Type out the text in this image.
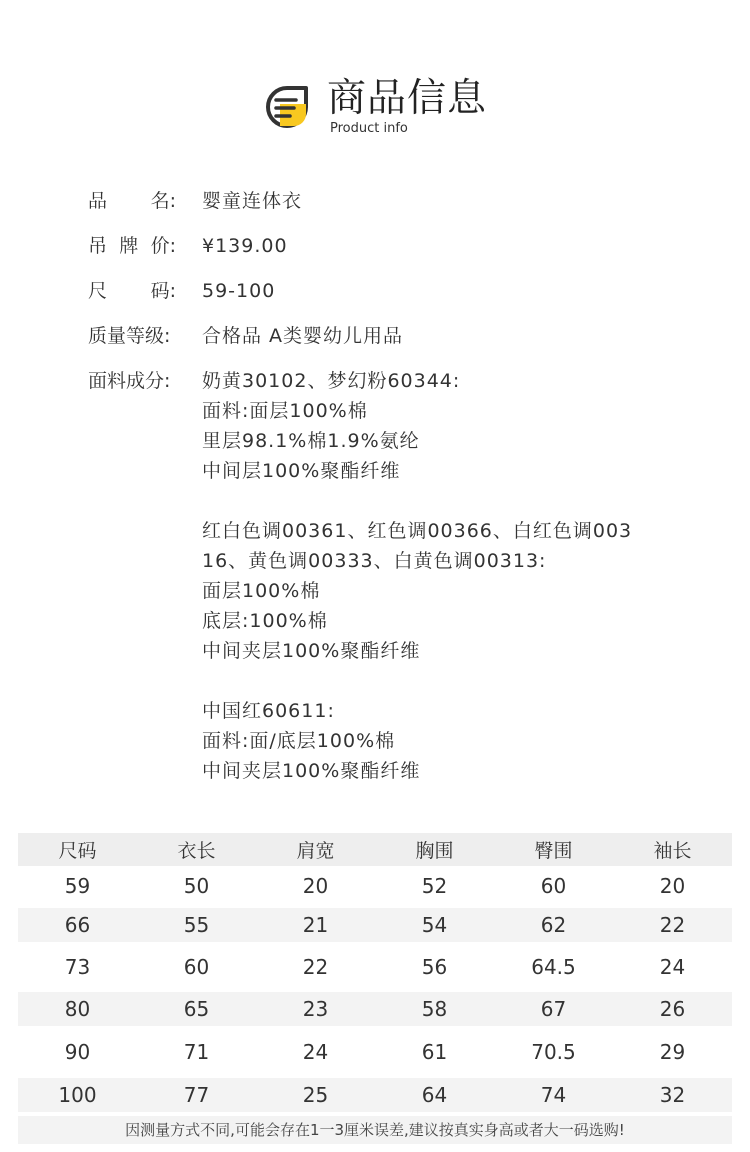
商品信息
Product info
品 名: 婴童连体衣
吊 牌 价: ¥139.00
尺 码: 59-100
质量等级:	合格品 A类婴幼儿用品
面料成分:	奶黄30102、梦幻粉60344:
面料:面层100%棉
里层98.1%棉1.9%氨纶
中间层100%聚酯纤维
红白色调00361、红色调00366、白红色调003
16、黄色调00333、白黄色调00313:
面层100%棉
底层:100%棉
中间夹层100%聚酯纤维
中国红60611:
面料:面/底层100%棉
中间夹层100%聚酯纤维
尺码	衣长	肩宽	胸围	臀围	袖长
59	50	20	52	60	20
66	55	21	54	62	22
73	60	22	56	64.5	24
80	65	23	58	67	26
90	71	24	61	70.5	29
100	77	25	64	74	32
因测量方式不同,可能会存在1一3厘米误差,建议按真实身高或者大一码选购!
